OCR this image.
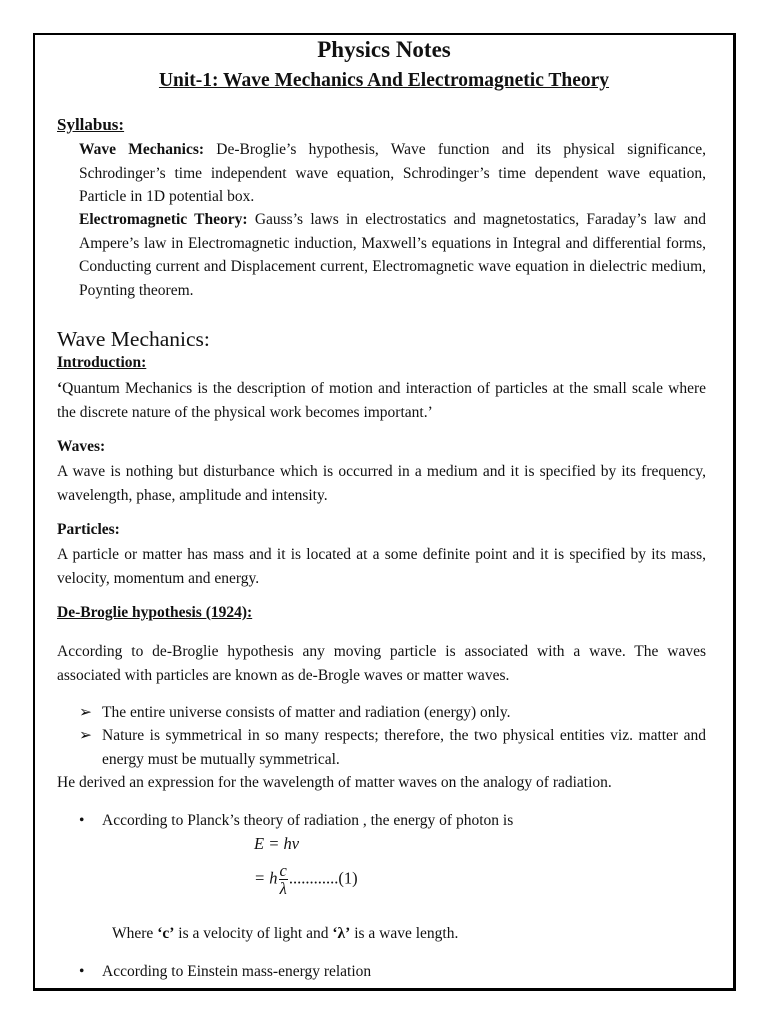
Physics Notes
Unit-1: Wave Mechanics And Electromagnetic Theory
Syllabus:
Wave Mechanics: De-Broglie’s hypothesis, Wave function and its physical significance, Schrodinger’s time independent wave equation, Schrodinger’s time dependent wave equation, Particle in 1D potential box.
Electromagnetic Theory: Gauss’s laws in electrostatics and magnetostatics, Faraday’s law and Ampere’s law in Electromagnetic induction, Maxwell’s equations in Integral and differential forms, Conducting current and Displacement current, Electromagnetic wave equation in dielectric medium, Poynting theorem.
Wave Mechanics:
Introduction:
‘Quantum Mechanics is the description of motion and interaction of particles at the small scale where the discrete nature of the physical work becomes important.’
Waves:
A wave is nothing but disturbance which is occurred in a medium and it is specified by its frequency, wavelength, phase, amplitude and intensity.
Particles:
A particle or matter has mass and it is located at a some definite point and it is specified by its mass, velocity, momentum and energy.
De-Broglie hypothesis (1924):
According to de-Broglie hypothesis any moving particle is associated with a wave. The waves associated with particles are known as de-Brogle waves or matter waves.
➢ The entire universe consists of matter and radiation (energy) only.
➢ Nature is symmetrical in so many respects; therefore, the two physical entities viz. matter and energy must be mutually symmetrical.
He derived an expression for the wavelength of matter waves on the analogy of radiation.
• According to Planck’s theory of radiation , the energy of photon is
E = hν
= h $\frac{c}{\lambda} ............(1)$
Where ‘c’ is a velocity of light and ‘λ’ is a wave length.
• According to Einstein mass-energy relation
